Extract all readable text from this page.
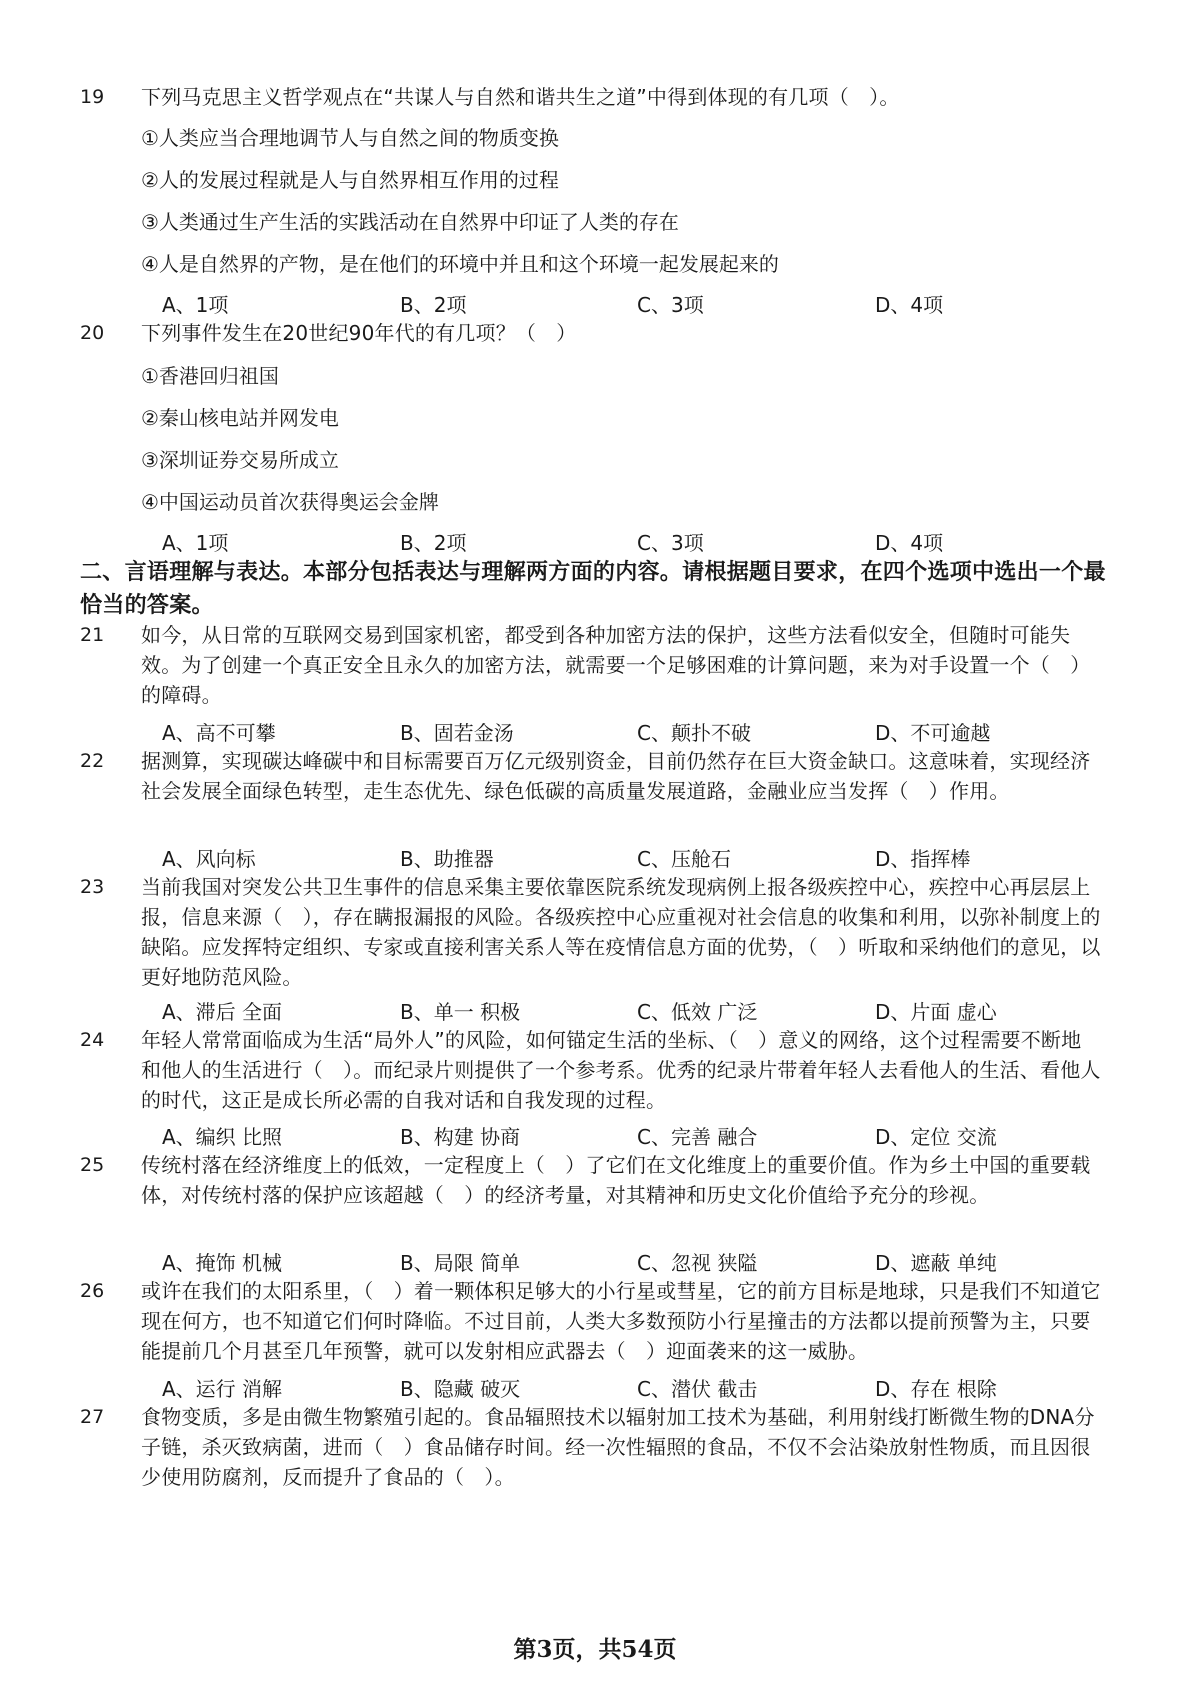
19 下列马克思主义哲学观点在“共谋人与自然和谐共生之道”中得到体现的有几项（　）。
①人类应当合理地调节人与自然之间的物质变换
②人的发展过程就是人与自然界相互作用的过程
③人类通过生产生活的实践活动在自然界中印证了人类的存在
④人是自然界的产物，是在他们的环境中并且和这个环境一起发展起来的
A、1项	B、2项	C、3项	D、4项
20 下列事件发生在20世纪90年代的有几项？（　）
①香港回归祖国
②秦山核电站并网发电
③深圳证券交易所成立
④中国运动员首次获得奥运会金牌
A、1项	B、2项	C、3项	D、4项
二、言语理解与表达。本部分包括表达与理解两方面的内容。请根据题目要求，在四个选项中选出一个最恰当的答案。
21 如今，从日常的互联网交易到国家机密，都受到各种加密方法的保护，这些方法看似安全，但随时可能失效。为了创建一个真正安全且永久的加密方法，就需要一个足够困难的计算问题，来为对手设置一个（　）的障碍。
A、高不可攀	B、固若金汤	C、颠扑不破	D、不可逾越
22 据测算，实现碳达峰碳中和目标需要百万亿元级别资金，目前仍然存在巨大资金缺口。这意味着，实现经济社会发展全面绿色转型，走生态优先、绿色低碳的高质量发展道路，金融业应当发挥（　）作用。
A、风向标	B、助推器	C、压舱石	D、指挥棒
23 当前我国对突发公共卫生事件的信息采集主要依靠医院系统发现病例上报各级疾控中心，疾控中心再层层上报，信息来源（　），存在瞒报漏报的风险。各级疾控中心应重视对社会信息的收集和利用，以弥补制度上的缺陷。应发挥特定组织、专家或直接利害关系人等在疫情信息方面的优势，（　）听取和采纳他们的意见，以更好地防范风险。
A、滞后 全面	B、单一 积极	C、低效 广泛	D、片面 虚心
24 年轻人常常面临成为生活“局外人”的风险，如何锚定生活的坐标、（　）意义的网络，这个过程需要不断地和他人的生活进行（　）。而纪录片则提供了一个参考系。优秀的纪录片带着年轻人去看他人的生活、看他人的时代，这正是成长所必需的自我对话和自我发现的过程。
A、编织 比照	B、构建 协商	C、完善 融合	D、定位 交流
25 传统村落在经济维度上的低效，一定程度上（　）了它们在文化维度上的重要价值。作为乡土中国的重要载体，对传统村落的保护应该超越（　）的经济考量，对其精神和历史文化价值给予充分的珍视。
A、掩饰 机械	B、局限 简单	C、忽视 狭隘	D、遮蔽 单纯
26 或许在我们的太阳系里，（　）着一颗体积足够大的小行星或彗星，它的前方目标是地球，只是我们不知道它现在何方，也不知道它们何时降临。不过目前，人类大多数预防小行星撞击的方法都以提前预警为主，只要能提前几个月甚至几年预警，就可以发射相应武器去（　）迎面袭来的这一威胁。
A、运行 消解	B、隐藏 破灭	C、潜伏 截击	D、存在 根除
27 食物变质，多是由微生物繁殖引起的。食品辐照技术以辐射加工技术为基础，利用射线打断微生物的DNA分子链，杀灭致病菌，进而（　）食品储存时间。经一次性辐照的食品，不仅不会沾染放射性物质，而且因很少使用防腐剂，反而提升了食品的（　）。
第3页，共54页
